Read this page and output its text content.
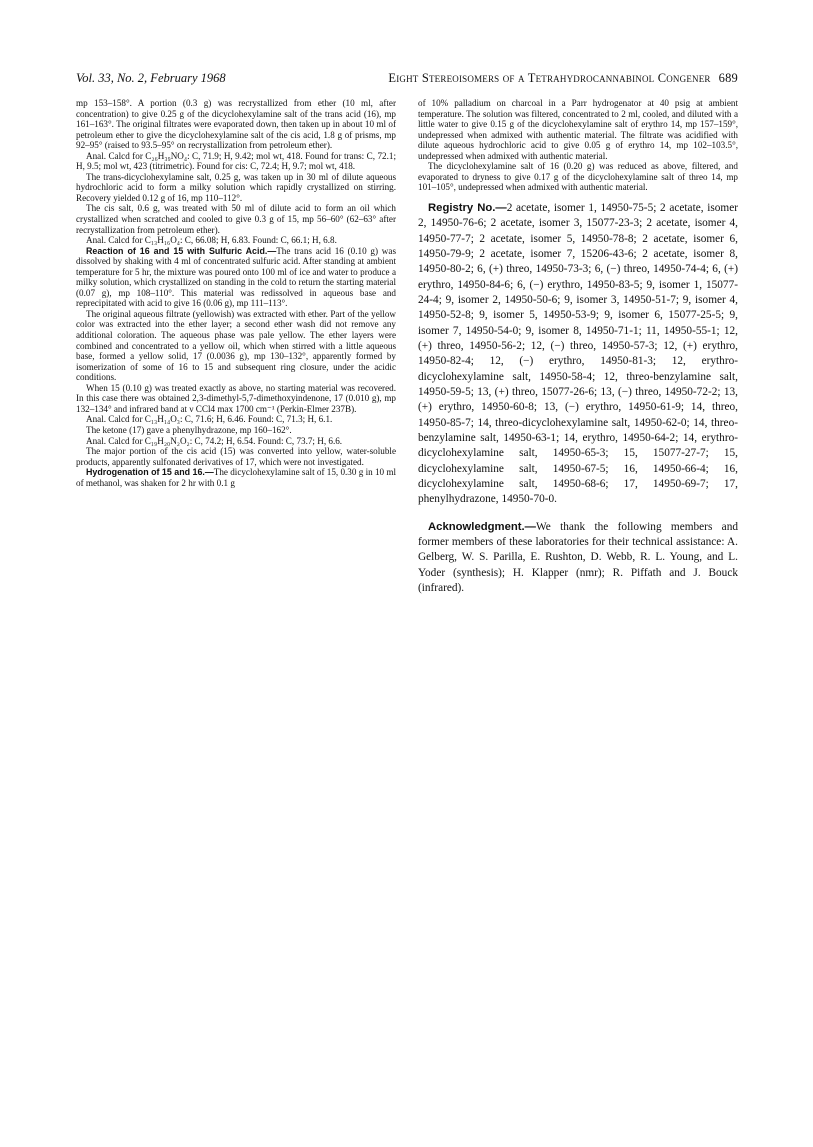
Vol. 33, No. 2, February 1968	Eight Stereoisomers of a Tetrahydrocannabinol Congener 689

mp 153–158°. A portion (0.3 g) was recrystallized from ether (10 ml, after concentration) to give 0.25 g of the dicyclohexylamine salt of the trans acid (16), mp 161–163°. The original filtrates were evaporated down, then taken up in about 10 ml of petroleum ether to give the dicyclohexylamine salt of the cis acid, 1.8 g of prisms, mp 92–95° (raised to 93.5–95° on recrystallization from petroleum ether).

Anal. Calcd for C₂₆H₃₉NO₄: C, 71.9; H, 9.42; mol wt, 418. Found for trans: C, 72.1; H, 9.5; mol wt, 423 (titrimetric). Found for cis: C, 72.4; H, 9.7; mol wt, 418.

The trans-dicyclohexylamine salt, 0.25 g, was taken up in 30 ml of dilute aqueous hydrochloric acid to form a milky solution which rapidly crystallized on stirring. Recovery yielded 0.12 g of 16, mp 110–112°.

The cis salt, 0.6 g, was treated with 50 ml of dilute acid to form an oil which crystallized when scratched and cooled to give 0.3 g of 15, mp 56–60° (62–63° after recrystallization from petroleum ether).

Anal. Calcd for C₁₃H₁₆O₄: C, 66.08; H, 6.83. Found: C, 66.1; H, 6.8.

Reaction of 16 and 15 with Sulfuric Acid.—The trans acid 16 (0.10 g) was dissolved by shaking with 4 ml of concentrated sulfuric acid. After standing at ambient temperature for 5 hr, the mixture was poured onto 100 ml of ice and water to produce a milky solution, which crystallized on standing in the cold to return the starting material (0.07 g), mp 108–110°. This material was redissolved in aqueous base and reprecipitated with acid to give 16 (0.06 g), mp 111–113°.

The original aqueous filtrate (yellowish) was extracted with ether. Part of the yellow color was extracted into the ether layer; a second ether wash did not remove any additional coloration. The aqueous phase was pale yellow. The ether layers were combined and concentrated to a yellow oil, which when stirred with a little aqueous base, formed a yellow solid, 17 (0.0036 g), mp 130–132°, apparently formed by isomerization of some of 16 to 15 and subsequent ring closure, under the acidic conditions.

When 15 (0.10 g) was treated exactly as above, no starting material was recovered. In this case there was obtained 2,3-dimethyl-5,7-dimethoxyindenone, 17 (0.010 g), mp 132–134° and infrared band at ν CCl4 max 1700 cm⁻¹ (Perkin-Elmer 237B).

Anal. Calcd for C₁₃H₁₄O₃: C, 71.6; H, 6.46. Found: C, 71.3; H, 6.1.

The ketone (17) gave a phenylhydrazone, mp 160–162°.

Anal. Calcd for C₁₉H₂₀N₂O₂: C, 74.2; H, 6.54. Found: C, 73.7; H, 6.6.

The major portion of the cis acid (15) was converted into yellow, water-soluble products, apparently sulfonated derivatives of 17, which were not investigated.

Hydrogenation of 15 and 16.—The dicyclohexylamine salt of 15, 0.30 g in 10 ml of methanol, was shaken for 2 hr with 0.1 g

of 10% palladium on charcoal in a Parr hydrogenator at 40 psig at ambient temperature. The solution was filtered, concentrated to 2 ml, cooled, and diluted with a little water to give 0.15 g of the dicyclohexylamine salt of erythro 14, mp 157–159°, undepressed when admixed with authentic material. The filtrate was acidified with dilute aqueous hydrochloric acid to give 0.05 g of erythro 14, mp 102–103.5°, undepressed when admixed with authentic material.

The dicyclohexylamine salt of 16 (0.20 g) was reduced as above, filtered, and evaporated to dryness to give 0.17 g of the dicyclohexylamine salt of threo 14, mp 101–105°, undepressed when admixed with authentic material.

Registry No.—2 acetate, isomer 1, 14950-75-5; 2 acetate, isomer 2, 14950-76-6; 2 acetate, isomer 3, 15077-23-3; 2 acetate, isomer 4, 14950-77-7; 2 acetate, isomer 5, 14950-78-8; 2 acetate, isomer 6, 14950-79-9; 2 acetate, isomer 7, 15206-43-6; 2 acetate, isomer 8, 14950-80-2; 6, (+) threo, 14950-73-3; 6, (−) threo, 14950-74-4; 6, (+) erythro, 14950-84-6; 6, (−) erythro, 14950-83-5; 9, isomer 1, 15077-24-4; 9, isomer 2, 14950-50-6; 9, isomer 3, 14950-51-7; 9, isomer 4, 14950-52-8; 9, isomer 5, 14950-53-9; 9, isomer 6, 15077-25-5; 9, isomer 7, 14950-54-0; 9, isomer 8, 14950-71-1; 11, 14950-55-1; 12, (+) threo, 14950-56-2; 12, (−) threo, 14950-57-3; 12, (+) erythro, 14950-82-4; 12, (−) erythro, 14950-81-3; 12, erythro-dicyclohexylamine salt, 14950-58-4; 12, threo-benzylamine salt, 14950-59-5; 13, (+) threo, 15077-26-6; 13, (−) threo, 14950-72-2; 13, (+) erythro, 14950-60-8; 13, (−) erythro, 14950-61-9; 14, threo, 14950-85-7; 14, threo-dicyclohexylamine salt, 14950-62-0; 14, threo-benzylamine salt, 14950-63-1; 14, erythro, 14950-64-2; 14, erythro-dicyclohexylamine salt, 14950-65-3; 15, 15077-27-7; 15, dicyclohexylamine salt, 14950-67-5; 16, 14950-66-4; 16, dicyclohexylamine salt, 14950-68-6; 17, 14950-69-7; 17, phenylhydrazone, 14950-70-0.

Acknowledgment.—We thank the following members and former members of these laboratories for their technical assistance: A. Gelberg, W. S. Parilla, E. Rushton, D. Webb, R. L. Young, and L. Yoder (synthesis); H. Klapper (nmr); R. Piffath and J. Bouck (infrared).
